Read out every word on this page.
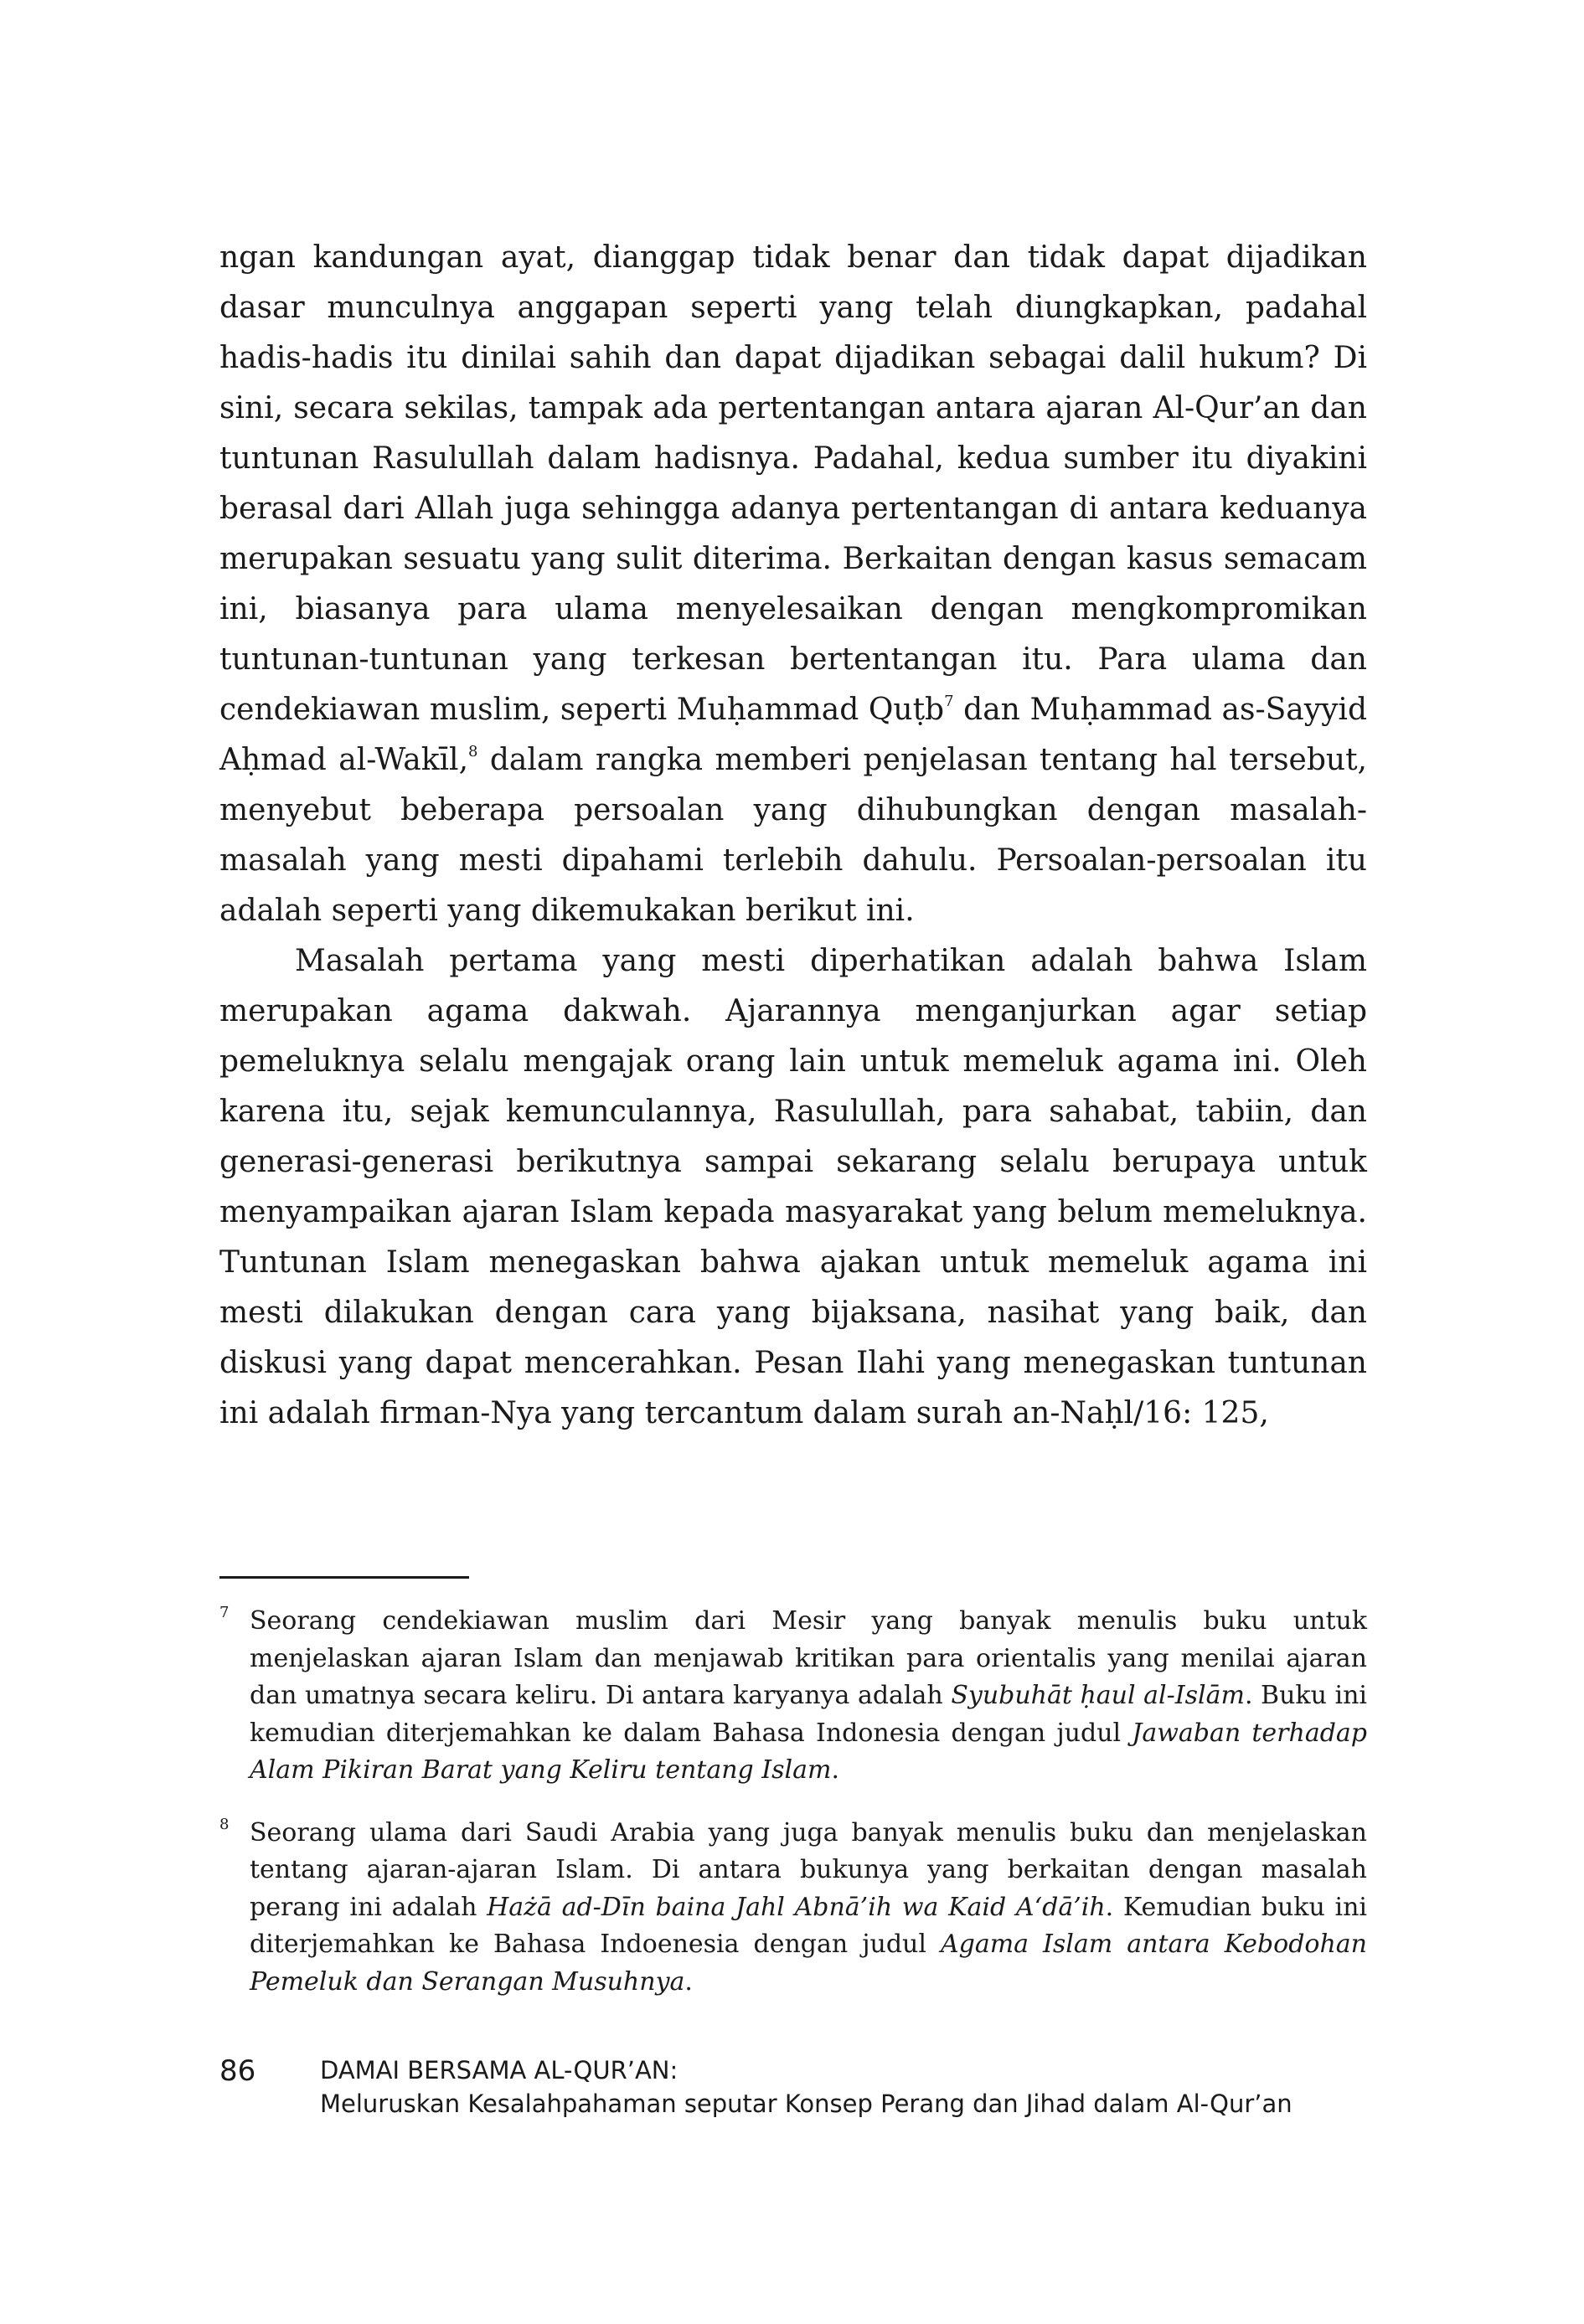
ngan kandungan ayat, dianggap tidak benar dan tidak dapat dijadikan dasar munculnya anggapan seperti yang telah diungkapkan, padahal hadis-hadis itu dinilai sahih dan dapat dijadikan sebagai dalil hukum? Di sini, secara sekilas, tampak ada pertentangan antara ajaran Al-Qur’an dan tuntunan Rasulullah dalam hadisnya. Padahal, kedua sumber itu diyakini berasal dari Allah juga sehingga adanya pertentangan di antara keduanya merupakan sesuatu yang sulit diterima. Berkaitan dengan kasus semacam ini, biasanya para ulama menyelesaikan dengan mengkompromikan tuntunan-tuntunan yang terkesan bertentangan itu. Para ulama dan cendekiawan muslim, seperti Muḥammad Quṭb$^7$ dan Muḥammad as-Sayyid Aḥmad al-Wakīl,$^8$ dalam rangka memberi penjelasan tentang hal tersebut, menyebut beberapa persoalan yang dihubungkan dengan masalah-masalah yang mesti dipahami terlebih dahulu. Persoalan-persoalan itu adalah seperti yang dikemukakan berikut ini.

Masalah pertama yang mesti diperhatikan adalah bahwa Islam merupakan agama dakwah. Ajarannya menganjurkan agar setiap pemeluknya selalu mengajak orang lain untuk memeluk agama ini. Oleh karena itu, sejak kemunculannya, Rasulullah, para sahabat, tabiin, dan generasi-generasi berikutnya sampai sekarang selalu berupaya untuk menyampaikan ajaran Islam kepada masyarakat yang belum memeluknya. Tuntunan Islam menegaskan bahwa ajakan untuk memeluk agama ini mesti dilakukan dengan cara yang bijaksana, nasihat yang baik, dan diskusi yang dapat mencerahkan. Pesan Ilahi yang menegaskan tuntunan ini adalah firman-Nya yang tercantum dalam surah an-Naḥl/16: 125,

7 Seorang cendekiawan muslim dari Mesir yang banyak menulis buku untuk menjelaskan ajaran Islam dan menjawab kritikan para orientalis yang menilai ajaran dan umatnya secara keliru. Di antara karyanya adalah Syubuhāt ḥaul al-Islām. Buku ini kemudian diterjemahkan ke dalam Bahasa Indonesia dengan judul Jawaban terhadap Alam Pikiran Barat yang Keliru tentang Islam.
8 Seorang ulama dari Saudi Arabia yang juga banyak menulis buku dan menjelaskan tentang ajaran-ajaran Islam. Di antara bukunya yang berkaitan dengan masalah perang ini adalah Hażā ad-Dīn baina Jahl Abnā’ih wa Kaid A‘dā’ih. Kemudian buku ini diterjemahkan ke Bahasa Indoenesia dengan judul Agama Islam antara Kebodohan Pemeluk dan Serangan Musuhnya.
86	DAMAI BERSAMA AL-QUR’AN:
Meluruskan Kesalahpahaman seputar Konsep Perang dan Jihad dalam Al-Qur’an
